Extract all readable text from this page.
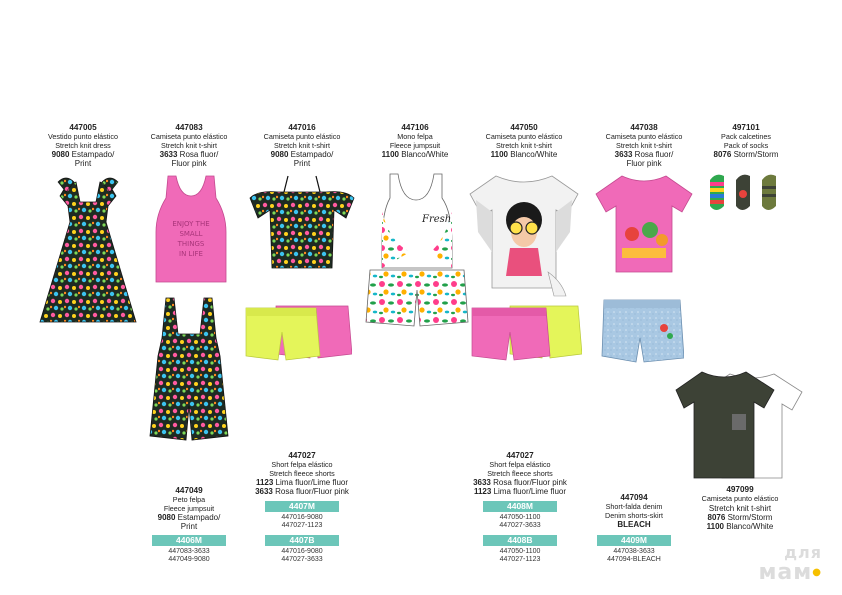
447005
Vestido punto elástico
Stretch knit dress
9080 Estampado/
Print
447083
Camiseta punto elástico
Stretch knit t-shirt
3633 Rosa fluor/
Fluor pink
447016
Camiseta punto elástico
Stretch knit t-shirt
9080 Estampado/
Print
447106
Mono felpa
Fleece jumpsuit
1100 Blanco/White
447050
Camiseta punto elástico
Stretch knit t-shirt
1100 Blanco/White
447038
Camiseta punto elástico
Stretch knit t-shirt
3633 Rosa fluor/
Fluor pink
497101
Pack calcetines
Pack of socks
8076 Storm/Storm
ENJOY THE
SMALL
THINGS
IN LIFE
Fresh
447049
Peto felpa
Fleece jumpsuit
9080 Estampado/
Print
4406M
447083-3633
447049-9080
447027
Short felpa elástico
Stretch fleece shorts
1123 Lima fluor/Lime fluor
3633 Rosa fluor/Fluor pink
4407M
447016-9080
447027-1123
4407B
447016-9080
447027-3633
447027
Short felpa elástico
Stretch fleece shorts
3633 Rosa fluor/Fluor pink
1123 Lima fluor/Lime fluor
4408M
447050-1100
447027-3633
4408B
447050-1100
447027-1123
447094
Short-falda denim
Denim shorts-skirt
BLEACH
4409M
447038-3633
447094-BLEACH
497099
Camiseta punto elástico
Stretch knit t-shirt
8076 Storm/Storm
1100 Blanco/White
для
мам●
